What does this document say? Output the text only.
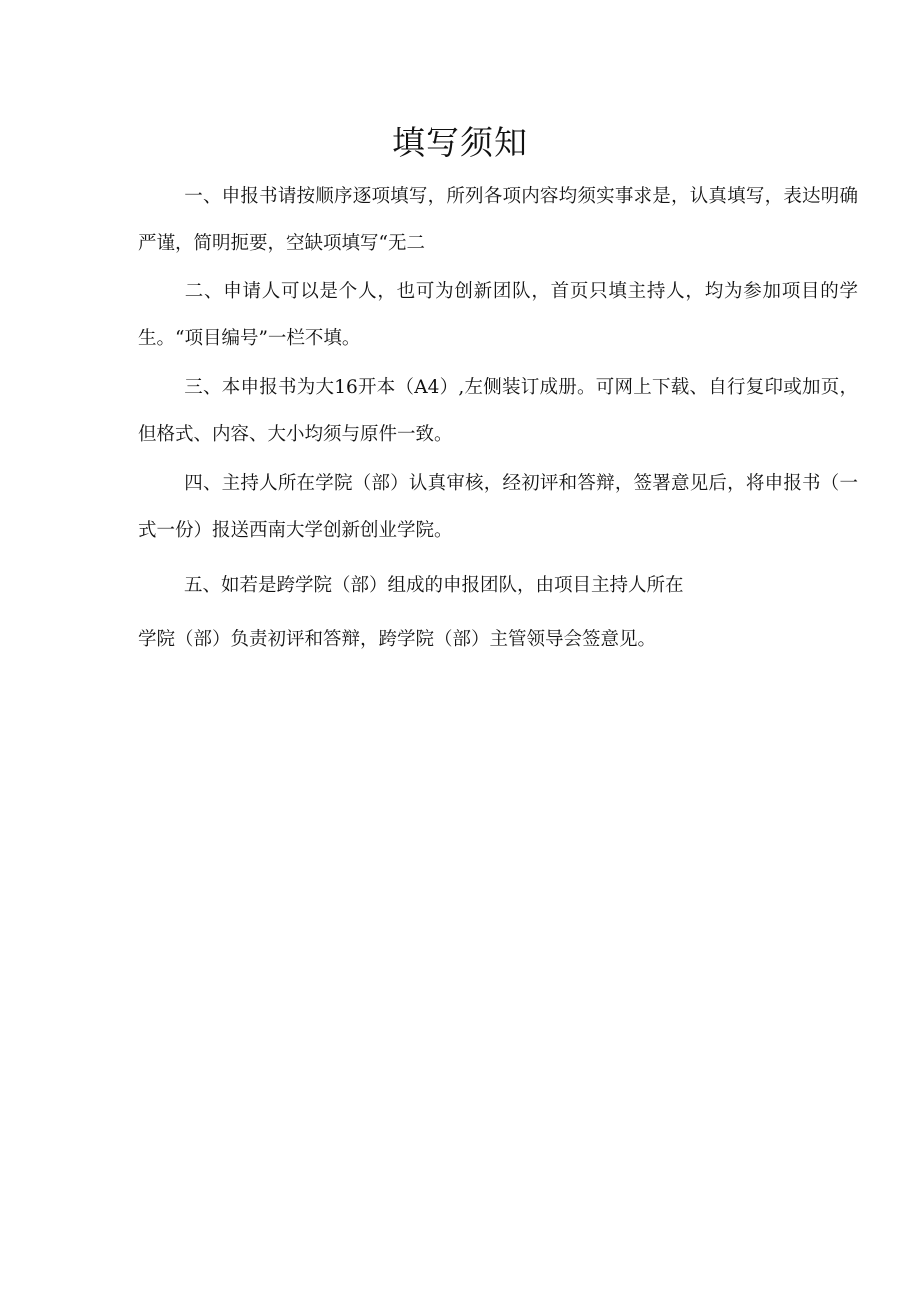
填写须知
一、申报书请按顺序逐项填写，所列各项内容均须实事求是，认真填写，表达明确严谨，简明扼要，空缺项填写“无二
二、申请人可以是个人，也可为创新团队，首页只填主持人，均为参加项目的学生。“项目编号”一栏不填。
三、本申报书为大16开本（A4）,左侧装订成册。可网上下载、自行复印或加页，但格式、内容、大小均须与原件一致。
四、主持人所在学院（部）认真审核，经初评和答辩，签署意见后，将申报书（一式一份）报送西南大学创新创业学院。
五、如若是跨学院（部）组成的申报团队，由项目主持人所在
学院（部）负责初评和答辩，跨学院（部）主管领导会签意见。
